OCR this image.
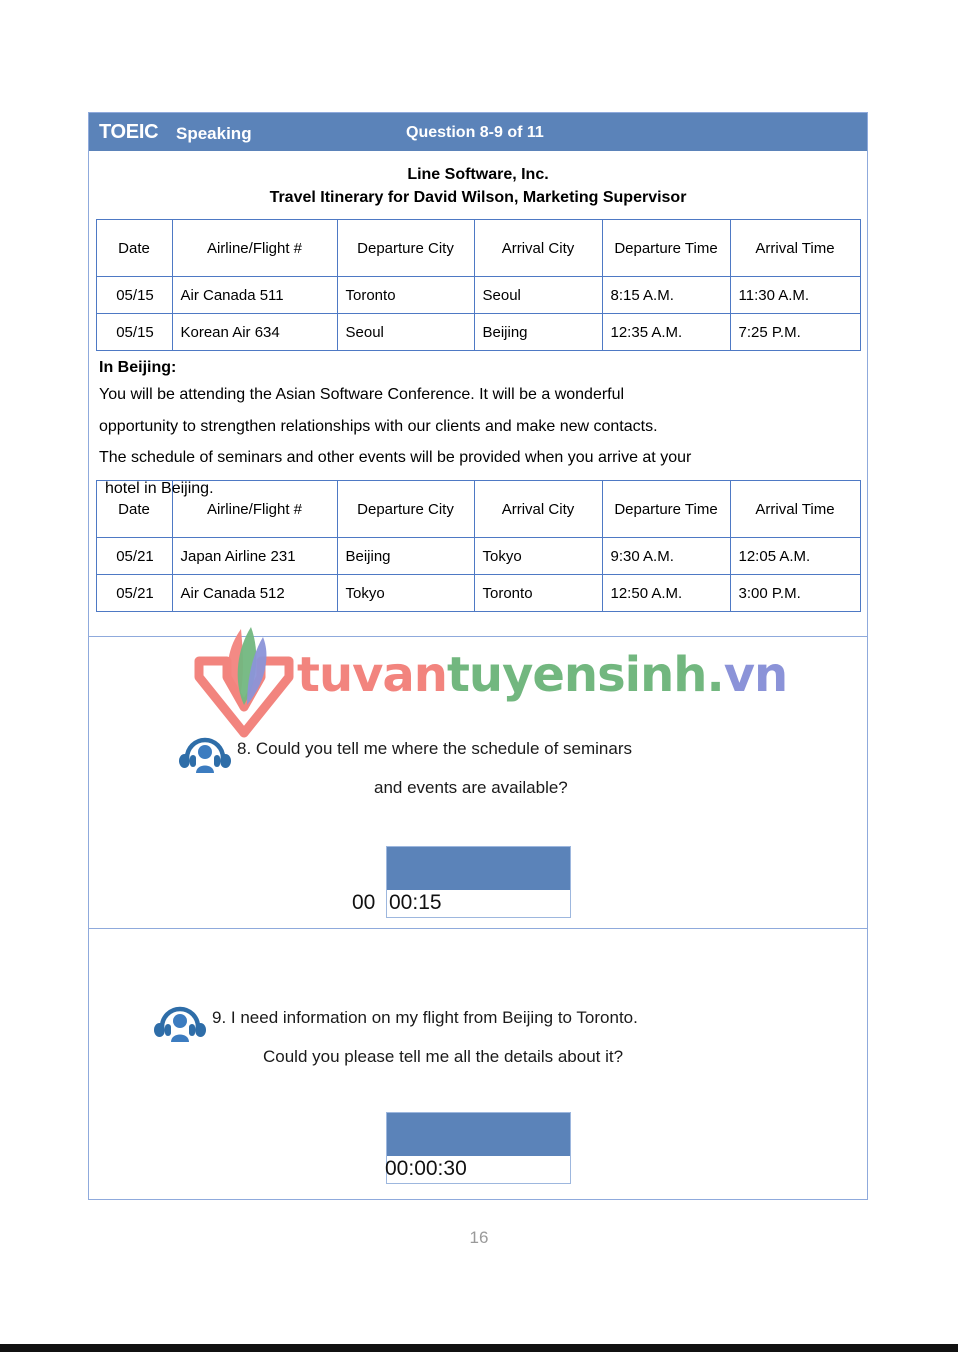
TOEIC Speaking	Question 8-9 of 11
Line Software, Inc.
Travel Itinerary for David Wilson, Marketing Supervisor
Date	Airline/Flight #	Departure City	Arrival City	Departure Time	Arrival Time
05/15	Air Canada 511	Toronto	Seoul	8:15 A.M.	11:30 A.M.
05/15	Korean Air 634	Seoul	Beijing	12:35 A.M.	7:25 P.M.
In Beijing:
You will be attending the Asian Software Conference. It will be a wonderful
opportunity to strengthen relationships with our clients and make new contacts.
The schedule of seminars and other events will be provided when you arrive at your
hotel in Beijing.
Date	Airline/Flight #	Departure City	Arrival City	Departure Time	Arrival Time
05/21	Japan Airline 231	Beijing	Tokyo	9:30 A.M.	12:05 A.M.
05/21	Air Canada 512	Tokyo	Toronto	12:50 A.M.	3:00 P.M.
tuvantuyensinh.vn
8. Could you tell me where the schedule of seminars
and events are available?
00 00:15
9. I need information on my flight from Beijing to Toronto.
Could you please tell me all the details about it?
00:00:30
16
